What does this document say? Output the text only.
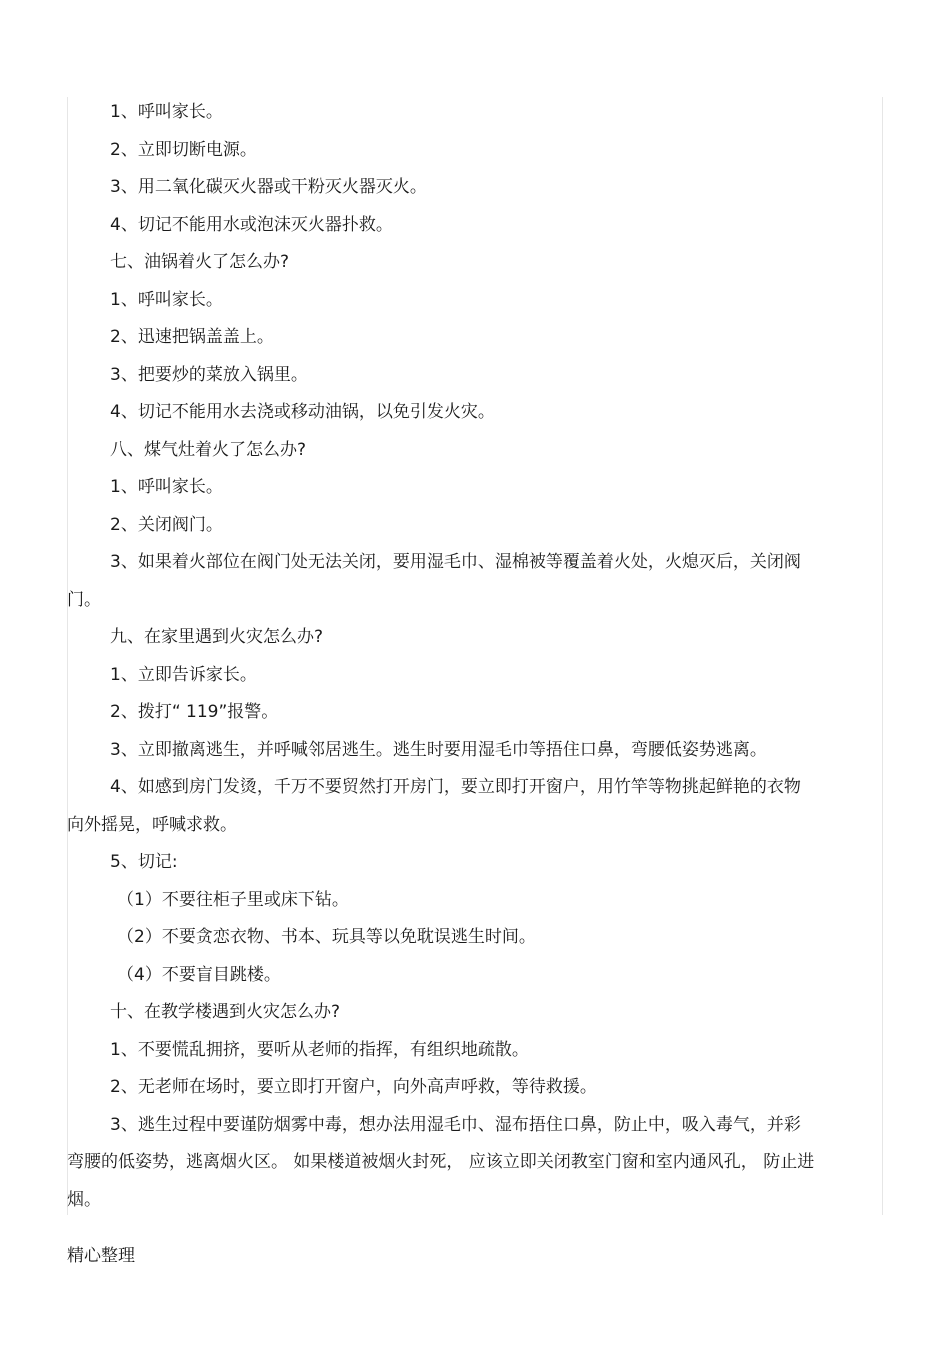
1、呼叫家长。

2、立即切断电源。

3、用二氧化碳灭火器或干粉灭火器灭火。

4、切记不能用水或泡沫灭火器扑救。

七、油锅着火了怎么办?

1、呼叫家长。

2、迅速把锅盖盖上。

3、把要炒的菜放入锅里。

4、切记不能用水去浇或移动油锅，以免引发火灾。

八、煤气灶着火了怎么办?

1、呼叫家长。

2、关闭阀门。

3、如果着火部位在阀门处无法关闭，要用湿毛巾、湿棉被等覆盖着火处，火熄灭后，关闭阀

门。

九、在家里遇到火灾怎么办?

1、立即告诉家长。

2、拨打“ 119”报警。

3、立即撤离逃生，并呼喊邻居逃生。逃生时要用湿毛巾等捂住口鼻，弯腰低姿势逃离。

4、如感到房门发烫，千万不要贸然打开房门，要立即打开窗户，用竹竿等物挑起鲜艳的衣物

向外摇晃，呼喊求救。

5、切记:

（1）不要往柜子里或床下钻。

（2）不要贪恋衣物、书本、玩具等以免耽误逃生时间。

（4）不要盲目跳楼。

十、在教学楼遇到火灾怎么办?

1、不要慌乱拥挤，要听从老师的指挥，有组织地疏散。

2、无老师在场时，要立即打开窗户，向外高声呼救，等待救援。

3、逃生过程中要谨防烟雾中毒，想办法用湿毛巾、湿布捂住口鼻，防止中，吸入毒气，并彩

弯腰的低姿势，逃离烟火区。 如果楼道被烟火封死， 应该立即关闭教室门窗和室内通风孔， 防止进

烟。

精心整理
